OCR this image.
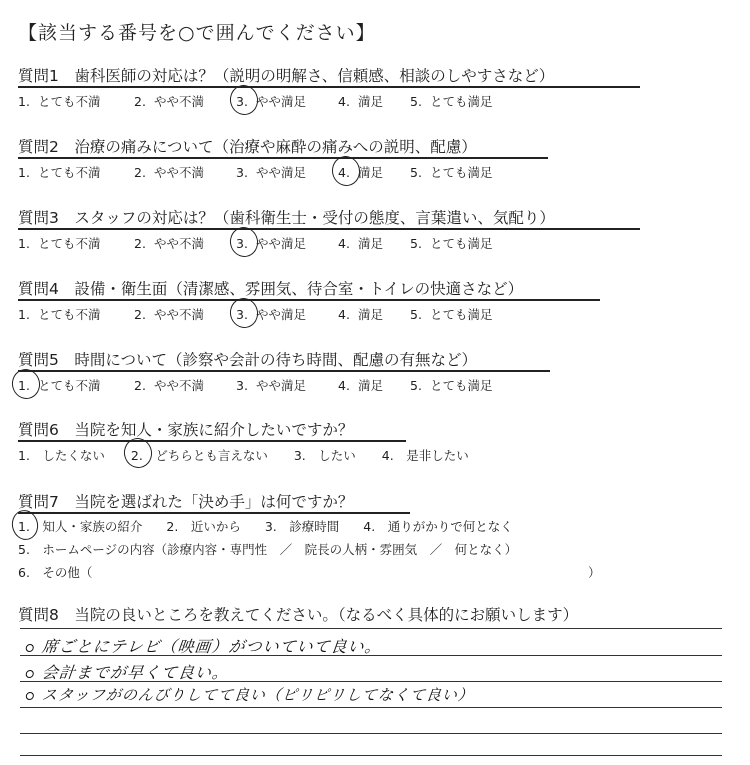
【該当する番号を○で囲んでください】
質問1　歯科医師の対応は？（説明の明解さ、信頼感、相談のしやすさなど）
1. とても不満	2. やや不満	3. やや満足	4. 満足 5. とても満足
質問2　治療の痛みについて（治療や麻酔の痛みへの説明、配慮）
1. とても不満	2. やや不満	3. やや満足	4. 満足 5. とても満足
質問3　スタッフの対応は？（歯科衛生士・受付の態度、言葉遣い、気配り）
1. とても不満	2. やや不満	3. やや満足	4. 満足 5. とても満足
質問4　設備・衛生面（清潔感、雰囲気、待合室・トイレの快適さなど）
1. とても不満	2. やや不満	3. やや満足	4. 満足 5. とても満足
質問5　時間について（診察や会計の待ち時間、配慮の有無など）
1. とても不満	2. やや不満	3. やや満足	4. 満足 5. とても満足
質問6　当院を知人・家族に紹介したいですか？
1.　したくない 2.　どちらとも言えない 3.　したい 4.　是非したい
質問7　当院を選ばれた「決め手」は何ですか？
1.　知人・家族の紹介 2.　近いから 3.　診療時間 4.　通りがかりで何となく
5.　ホームページの内容（診療内容・専門性　／　院長の人柄・雰囲気　／　何となく）
6.　その他（	）
質問8　当院の良いところを教えてください。（なるべく具体的にお願いします）
席ごとにテレビ（映画）がついていて良い。
会計までが早くて良い。
スタッフがのんびりしてて良い（ピリピリしてなくて良い）
